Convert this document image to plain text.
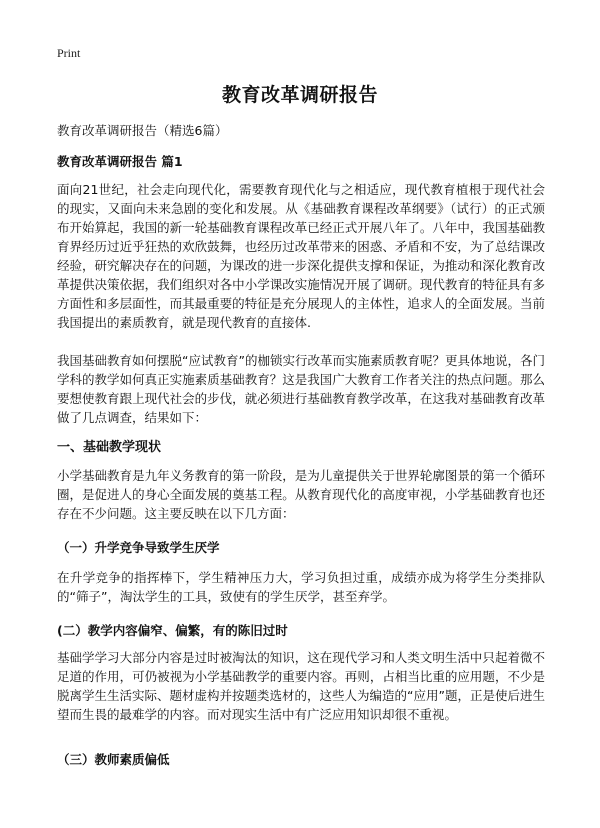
Print
教育改革调研报告
教育改革调研报告（精选6篇）
教育改革调研报告 篇1

面向21世纪，社会走向现代化，需要教育现代化与之相适应，现代教育植根于现代社会的现实，又面向未来急剧的变化和发展。从《基础教育课程改革纲要》（试行）的正式颁布开始算起，我国的新一轮基础教育课程改革已经正式开展八年了。八年中，我国基础教育界经历过近乎狂热的欢欣鼓舞，也经历过改革带来的困惑、矛盾和不安，为了总结课改经验，研究解决存在的问题，为课改的进一步深化提供支撑和保证，为推动和深化教育改革提供决策依据，我们组织对各中小学课改实施情况开展了调研。现代教育的特征具有多方面性和多层面性，而其最重要的特征是充分展现人的主体性，追求人的全面发展。当前我国提出的素质教育，就是现代教育的直接体.

我国基础教育如何摆脱“应试教育”的枷锁实行改革而实施素质教育呢？更具体地说，各门学科的教学如何真正实施素质基础教育？这是我国广大教育工作者关注的热点问题。那么要想使教育跟上现代社会的步伐，就必须进行基础教育教学改革，在这我对基础教育改革做了几点调查，结果如下：

一、基础教学现状

小学基础教育是九年义务教育的第一阶段，是为儿童提供关于世界轮廓图景的第一个循环圈，是促进人的身心全面发展的奠基工程。从教育现代化的高度审视，小学基础教育也还存在不少问题。这主要反映在以下几方面：

（一）升学竞争导致学生厌学

在升学竞争的指挥棒下，学生精神压力大，学习负担过重，成绩亦成为将学生分类排队的“筛子”，淘汰学生的工具，致使有的学生厌学，甚至弃学。

(二）教学内容偏窄、偏繁，有的陈旧过时

基础学学习大部分内容是过时被淘汰的知识，这在现代学习和人类文明生活中只起着微不足道的作用，可仍被视为小学基础教学的重要内容。再则，占相当比重的应用题，不少是脱离学生生活实际、题材虚构并按题类选材的，这些人为编造的“应用”题，正是使后进生望而生畏的最难学的内容。而对现实生活中有广泛应用知识却很不重视。

（三）教师素质偏低
